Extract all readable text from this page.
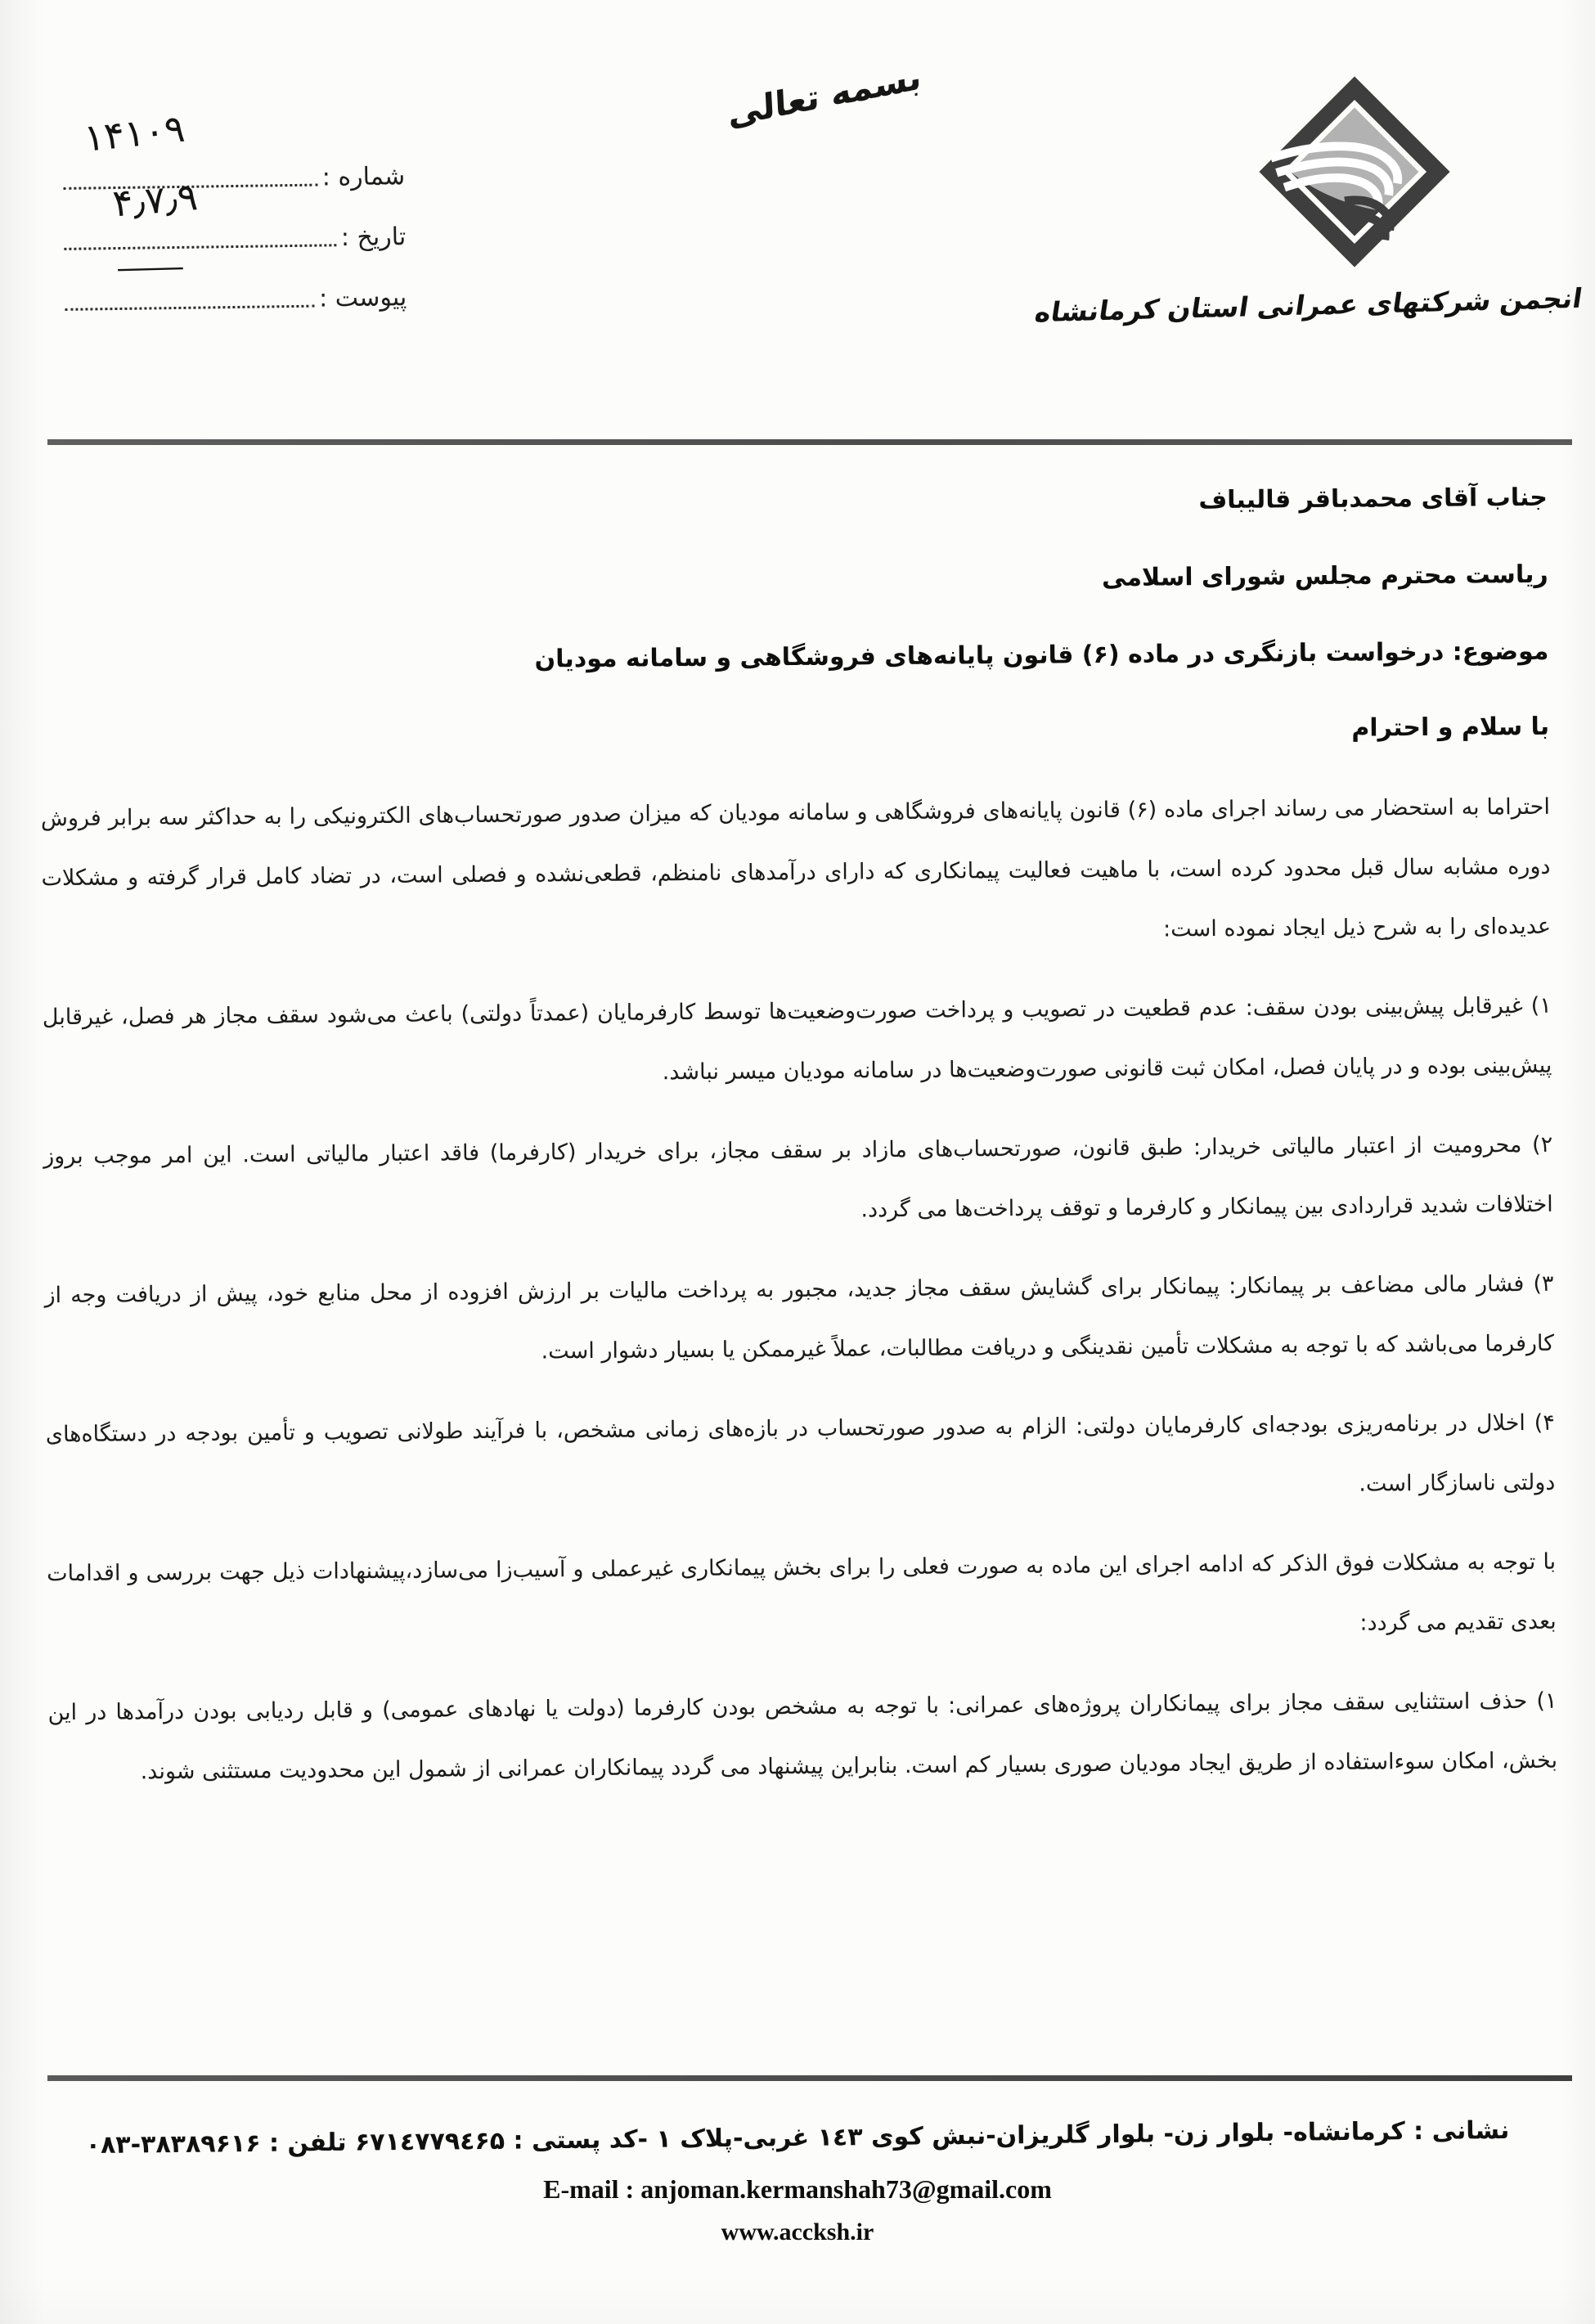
شماره :
۱۴۱۰۹
تاریخ :
۴٫۷٫۹
پیوست :
—
بسمه تعالی
انجمن شرکتهای عمرانی استان کرمانشاه
جناب آقای محمدباقر قالیباف
ریاست محترم مجلس شورای اسلامی
موضوع: درخواست بازنگری در ماده (۶) قانون پایانه‌های فروشگاهی و سامانه مودیان
با سلام و احترام

احتراما به استحضار می رساند اجرای ماده (۶) قانون پایانه‌های فروشگاهی و سامانه مودیان که میزان صدور صورتحساب‌های الکترونیکی را به حداکثر سه برابر فروش دوره مشابه سال قبل محدود کرده است، با ماهیت فعالیت پیمانکاری که دارای درآمدهای نامنظم، قطعی‌نشده و فصلی است، در تضاد کامل قرار گرفته و مشکلات عدیده‌ای را به شرح ذیل ایجاد نموده است:

۱) غیرقابل پیش‌بینی بودن سقف: عدم قطعیت در تصویب و پرداخت صورت‌وضعیت‌ها توسط کارفرمایان (عمدتاً دولتی) باعث می‌شود سقف مجاز هر فصل، غیرقابل پیش‌بینی بوده و در پایان فصل، امکان ثبت قانونی صورت‌وضعیت‌ها در سامانه مودیان میسر نباشد.

۲) محرومیت از اعتبار مالیاتی خریدار: طبق قانون، صورتحساب‌های مازاد بر سقف مجاز، برای خریدار (کارفرما) فاقد اعتبار مالیاتی است. این امر موجب بروز اختلافات شدید قراردادی بین پیمانکار و کارفرما و توقف پرداخت‌ها می گردد.

۳) فشار مالی مضاعف بر پیمانکار: پیمانکار برای گشایش سقف مجاز جدید، مجبور به پرداخت مالیات بر ارزش افزوده از محل منابع خود، پیش از دریافت وجه از کارفرما می‌باشد که با توجه به مشکلات تأمین نقدینگی و دریافت مطالبات، عملاً غیرممکن یا بسیار دشوار است.

۴) اخلال در برنامه‌ریزی بودجه‌ای کارفرمایان دولتی: الزام به صدور صورتحساب در بازه‌های زمانی مشخص، با فرآیند طولانی تصویب و تأمین بودجه در دستگاه‌های دولتی ناسازگار است.

با توجه به مشکلات فوق الذکر که ادامه اجرای این ماده به صورت فعلی را برای بخش پیمانکاری غیرعملی و آسیب‌زا می‌سازد،پیشنهادات ذیل جهت بررسی و اقدامات بعدی تقدیم می گردد:

۱) حذف استثنایی سقف مجاز برای پیمانکاران پروژه‌های عمرانی: با توجه به مشخص بودن کارفرما (دولت یا نهادهای عمومی) و قابل ردیابی بودن درآمدها در این بخش، امکان سوءاستفاده از طریق ایجاد مودیان صوری بسیار کم است. بنابراین پیشنهاد می گردد پیمانکاران عمرانی از شمول این محدودیت مستثنی شوند.

نشانی : کرمانشاه- بلوار زن- بلوار گلریزان-نبش کوی ۱٤۳ غربی-پلاک ۱ -کد پستی : ۶۷۱٤۷۷۹٤۶۵ تلفن : ۰۸۳-۳۸۳۸۹۶۱۶
E-mail : anjoman.kermanshah73@gmail.com
www.accksh.ir
